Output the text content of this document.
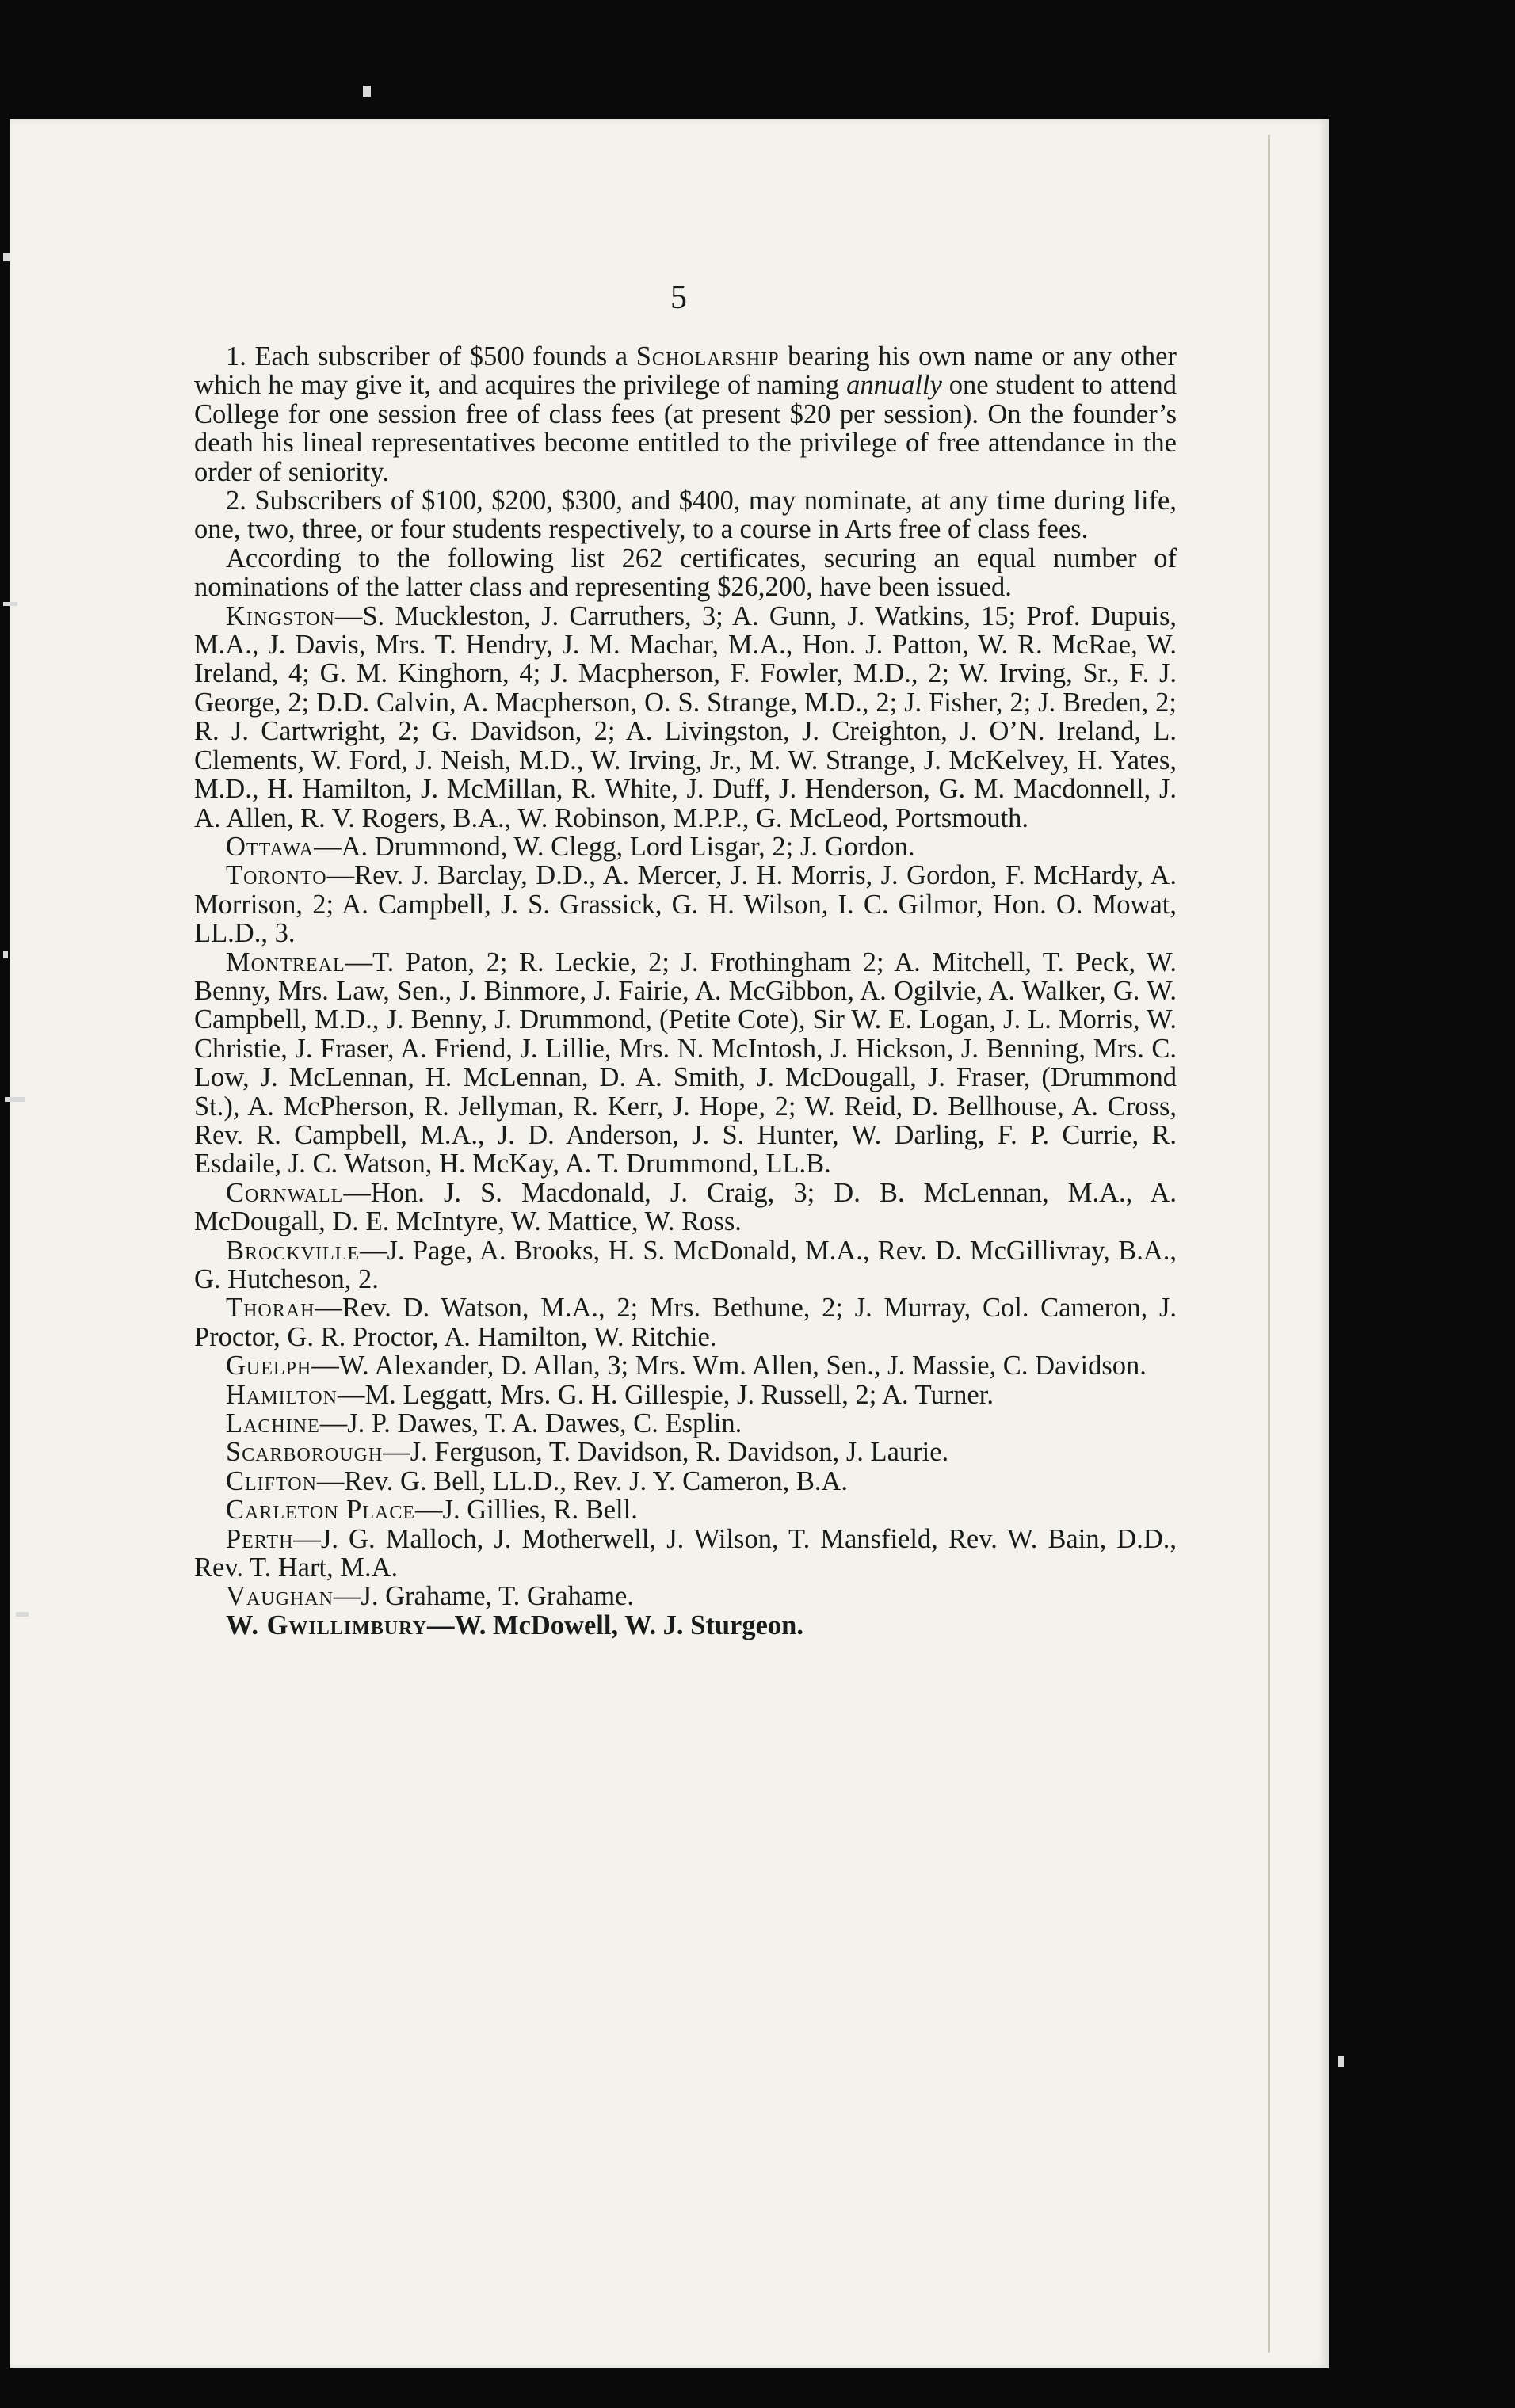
5

1. Each subscriber of $500 founds a Scholarship bearing his own name or any other which he may give it, and acquires the privilege of naming annually one student to attend College for one session free of class fees (at present $20 per session). On the founder’s death his lineal representatives become entitled to the privilege of free attendance in the order of seniority.

2. Subscribers of $100, $200, $300, and $400, may nominate, at any time during life, one, two, three, or four students respectively, to a course in Arts free of class fees.

According to the following list 262 certificates, securing an equal number of nominations of the latter class and representing $26,200, have been issued.

Kingston—S. Muckleston, J. Carruthers, 3; A. Gunn, J. Watkins, 15; Prof. Dupuis, M.A., J. Davis, Mrs. T. Hendry, J. M. Machar, M.A., Hon. J. Patton, W. R. McRae, W. Ireland, 4; G. M. Kinghorn, 4; J. Macpherson, F. Fowler, M.D., 2; W. Irving, Sr., F. J. George, 2; D.D. Calvin, A. Macpherson, O. S. Strange, M.D., 2; J. Fisher, 2; J. Breden, 2; R. J. Cartwright, 2; G. Davidson, 2; A. Livingston, J. Creighton, J. O’N. Ireland, L. Clements, W. Ford, J. Neish, M.D., W. Irving, Jr., M. W. Strange, J. McKelvey, H. Yates, M.D., H. Hamilton, J. McMillan, R. White, J. Duff, J. Henderson, G. M. Macdonnell, J. A. Allen, R. V. Rogers, B.A., W. Robinson, M.P.P., G. McLeod, Portsmouth.

Ottawa—A. Drummond, W. Clegg, Lord Lisgar, 2; J. Gordon.

Toronto—Rev. J. Barclay, D.D., A. Mercer, J. H. Morris, J. Gordon, F. McHardy, A. Morrison, 2; A. Campbell, J. S. Grassick, G. H. Wilson, I. C. Gilmor, Hon. O. Mowat, LL.D., 3.

Montreal—T. Paton, 2; R. Leckie, 2; J. Frothingham 2; A. Mitchell, T. Peck, W. Benny, Mrs. Law, Sen., J. Binmore, J. Fairie, A. McGibbon, A. Ogilvie, A. Walker, G. W. Campbell, M.D., J. Benny, J. Drummond, (Petite Cote), Sir W. E. Logan, J. L. Morris, W. Christie, J. Fraser, A. Friend, J. Lillie, Mrs. N. McIntosh, J. Hickson, J. Benning, Mrs. C. Low, J. McLennan, H. McLennan, D. A. Smith, J. McDougall, J. Fraser, (Drummond St.), A. McPherson, R. Jellyman, R. Kerr, J. Hope, 2; W. Reid, D. Bellhouse, A. Cross, Rev. R. Campbell, M.A., J. D. Anderson, J. S. Hunter, W. Darling, F. P. Currie, R. Esdaile, J. C. Watson, H. McKay, A. T. Drummond, LL.B.

Cornwall—Hon. J. S. Macdonald, J. Craig, 3; D. B. McLennan, M.A., A. McDougall, D. E. McIntyre, W. Mattice, W. Ross.

Brockville—J. Page, A. Brooks, H. S. McDonald, M.A., Rev. D. McGillivray, B.A., G. Hutcheson, 2.

Thorah—Rev. D. Watson, M.A., 2; Mrs. Bethune, 2; J. Murray, Col. Cameron, J. Proctor, G. R. Proctor, A. Hamilton, W. Ritchie.

Guelph—W. Alexander, D. Allan, 3; Mrs. Wm. Allen, Sen., J. Massie, C. Davidson.

Hamilton—M. Leggatt, Mrs. G. H. Gillespie, J. Russell, 2; A. Turner.

Lachine—J. P. Dawes, T. A. Dawes, C. Esplin.

Scarborough—J. Ferguson, T. Davidson, R. Davidson, J. Laurie.

Clifton—Rev. G. Bell, LL.D., Rev. J. Y. Cameron, B.A.

Carleton Place—J. Gillies, R. Bell.

Perth—J. G. Malloch, J. Motherwell, J. Wilson, T. Mansfield, Rev. W. Bain, D.D., Rev. T. Hart, M.A.

Vaughan—J. Grahame, T. Grahame.

W. Gwillimbury—W. McDowell, W. J. Sturgeon.
